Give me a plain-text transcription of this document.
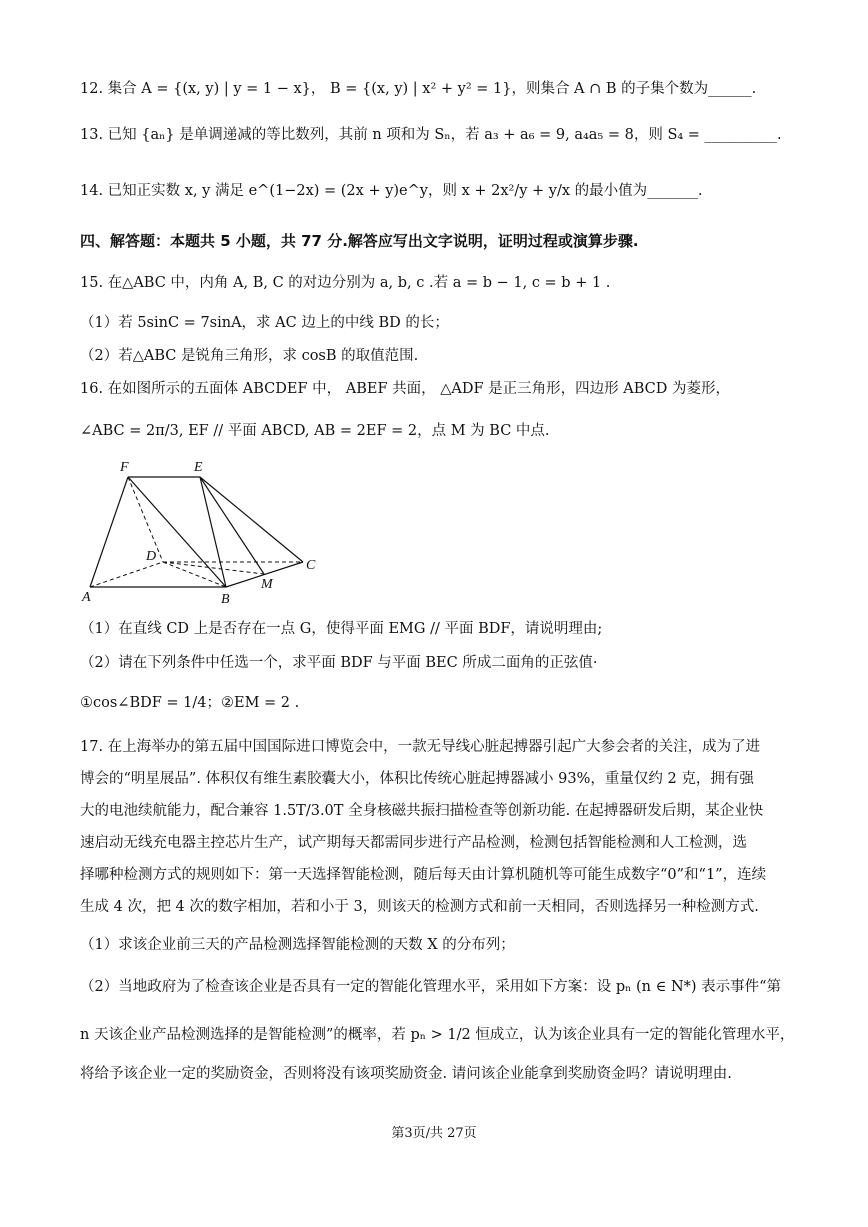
12. 集合 A = {(x, y) | y = 1 − x}， B = {(x, y) | x² + y² = 1}，则集合 A ∩ B 的子集个数为______.
13. 已知 {aₙ} 是单调递减的等比数列，其前 n 项和为 Sₙ，若 a₃ + a₆ = 9, a₄a₅ = 8，则 S₄ = __________.
14. 已知正实数 x, y 满足 e^(1−2x) = (2x + y)e^y，则 x + 2x²/y + y/x 的最小值为_______.
四、解答题：本题共 5 小题，共 77 分.解答应写出文字说明，证明过程或演算步骤.
15. 在△ABC 中，内角 A, B, C 的对边分别为 a, b, c .若 a = b − 1, c = b + 1 .
（1）若 5sinC = 7sinA，求 AC 边上的中线 BD 的长；
（2）若△ABC 是锐角三角形，求 cosB 的取值范围.
16. 在如图所示的五面体 ABCDEF 中， ABEF 共面， △ADF 是正三角形，四边形 ABCD 为菱形，
∠ABC = 2π/3, EF // 平面 ABCD, AB = 2EF = 2，点 M 为 BC 中点.
F	E
D
C
M
A	B
（1）在直线 CD 上是否存在一点 G，使得平面 EMG // 平面 BDF，请说明理由;
（2）请在下列条件中任选一个，求平面 BDF 与平面 BEC 所成二面角的正弦值·
①cos∠BDF = 1/4；②EM = 2 .
17. 在上海举办的第五届中国国际进口博览会中，一款无导线心脏起搏器引起广大参会者的关注，成为了进
博会的“明星展品”. 体积仅有维生素胶囊大小，体积比传统心脏起搏器减小 93%，重量仅约 2 克，拥有强
大的电池续航能力，配合兼容 1.5T/3.0T 全身核磁共振扫描检查等创新功能. 在起搏器研发后期，某企业快
速启动无线充电器主控芯片生产，试产期每天都需同步进行产品检测，检测包括智能检测和人工检测，选
择哪种检测方式的规则如下：第一天选择智能检测，随后每天由计算机随机等可能生成数字“0”和“1”，连续
生成 4 次，把 4 次的数字相加，若和小于 3，则该天的检测方式和前一天相同，否则选择另一种检测方式.
（1）求该企业前三天的产品检测选择智能检测的天数 X 的分布列；
（2）当地政府为了检查该企业是否具有一定的智能化管理水平，采用如下方案：设 pₙ (n ∈ N*) 表示事件“第
n 天该企业产品检测选择的是智能检测”的概率，若 pₙ > 1/2 恒成立，认为该企业具有一定的智能化管理水平，
将给予该企业一定的奖励资金，否则将没有该项奖励资金. 请问该企业能拿到奖励资金吗？请说明理由.
第3页/共 27页
